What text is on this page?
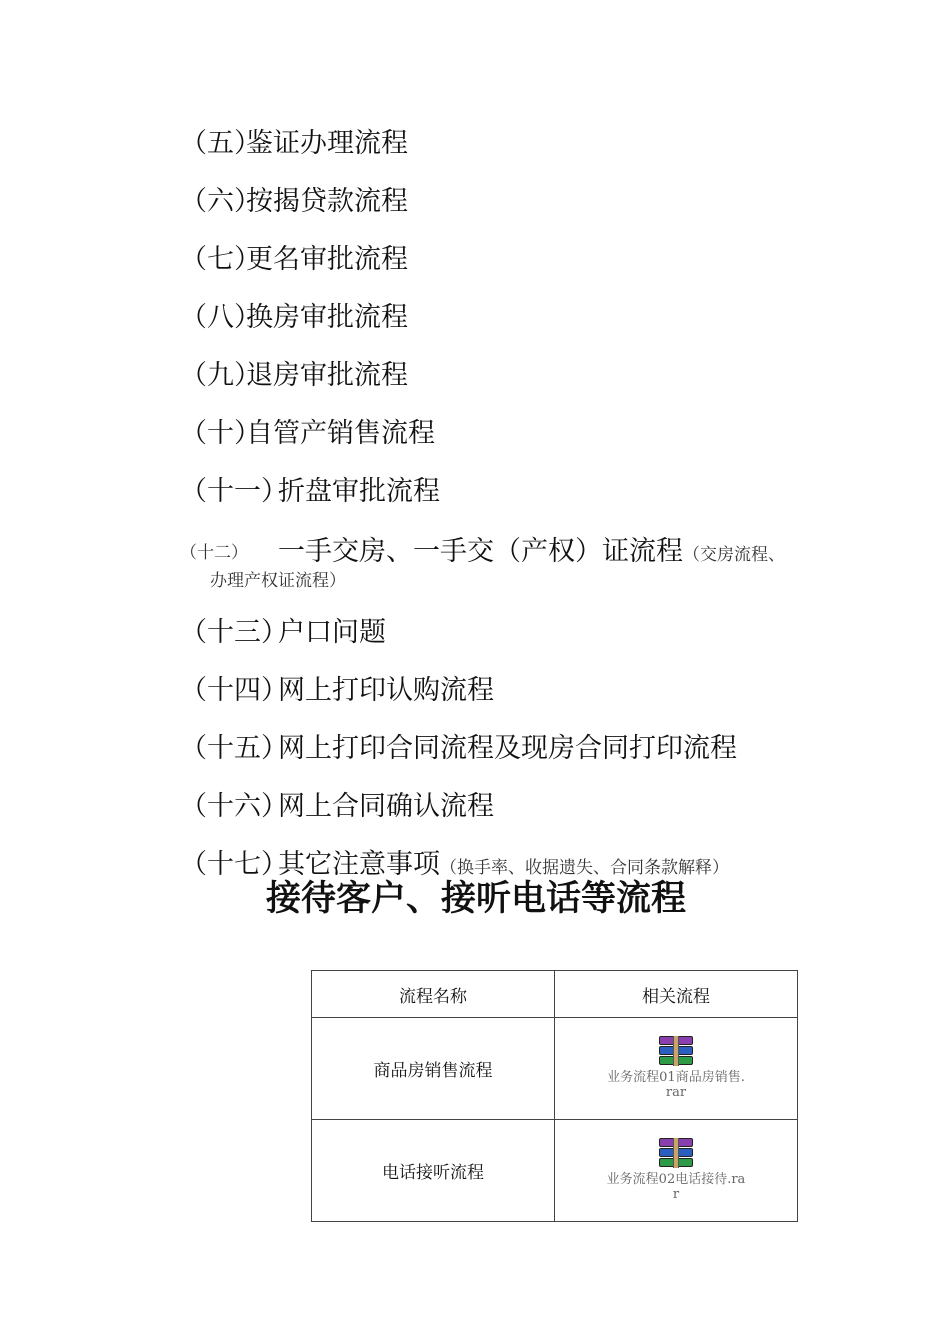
（五）鉴证办理流程
（六）按揭贷款流程
（七）更名审批流程
（八）换房审批流程
（九）退房审批流程
（十）自管产销售流程
（十一）折盘审批流程
（十二） 一手交房、一手交（产权）证流程（交房流程、
办理产权证流程）
（十三）户口问题
（十四）网上打印认购流程
（十五）网上打印合同流程及现房合同打印流程
（十六）网上合同确认流程
（十七）其它注意事项（换手率、收据遗失、合同条款解释）
接待客户、接听电话等流程
流程名称	相关流程
商品房销售流程	业务流程01商品房销售.rar

电话接听流程	业务流程02电话接待.rar
